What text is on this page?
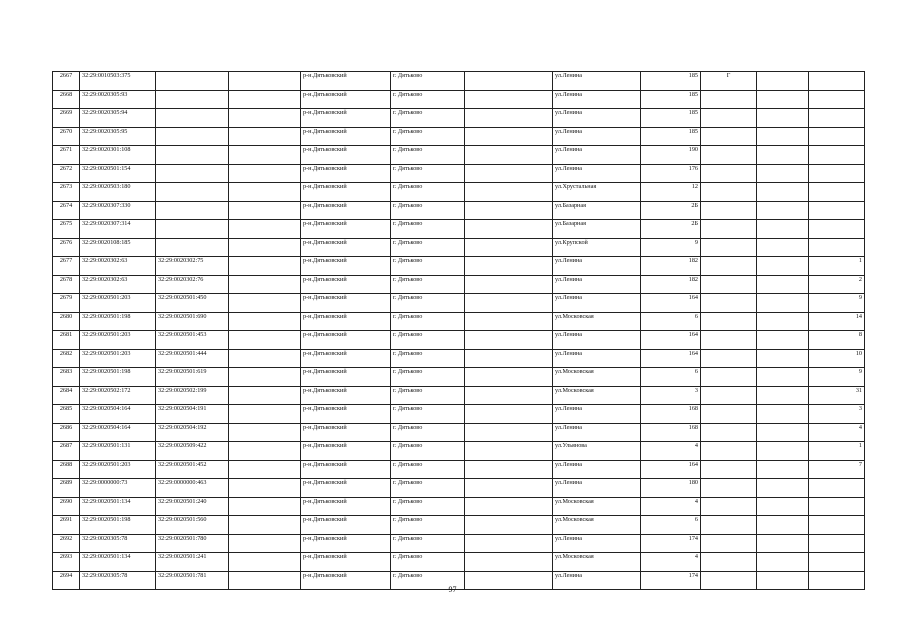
2667	32:29:0010503:375			р-н.Дятьковский	г. Дятьково		ул.Ленина	185	Г		
2668	32:29:0020305:93			р-н.Дятьковский	г. Дятьково		ул.Ленина	185			
2669	32:29:0020305:94			р-н.Дятьковский	г. Дятьково		ул.Ленина	185			
2670	32:29:0020305:95			р-н.Дятьковский	г. Дятьково		ул.Ленина	185			
2671	32:29:0020301:108			р-н.Дятьковский	г. Дятьково		ул.Ленина	190			
2672	32:29:0020501:154			р-н.Дятьковский	г. Дятьково		ул.Ленина	176			
2673	32:29:0020503:180			р-н.Дятьковский	г. Дятьково		ул.Хрустальная	12			
2674	32:29:0020307:330			р-н.Дятьковский	г. Дятьково		ул.Базарная	2Б			
2675	32:29:0020307:314			р-н.Дятьковский	г. Дятьково		ул.Базарная	2Б			
2676	32:29:0020108:185			р-н.Дятьковский	г. Дятьково		ул.Крупской	9			
2677	32:29:0020302:63	32:29:0020302:75		р-н.Дятьковский	г. Дятьково		ул.Ленина	182			1
2678	32:29:0020302:63	32:29:0020302:76		р-н.Дятьковский	г. Дятьково		ул.Ленина	182			2
2679	32:29:0020501:203	32:29:0020501:450		р-н.Дятьковский	г. Дятьково		ул.Ленина	164			9
2680	32:29:0020501:198	32:29:0020501:690		р-н.Дятьковский	г. Дятьково		ул.Московская	6			14
2681	32:29:0020501:203	32:29:0020501:453		р-н.Дятьковский	г. Дятьково		ул.Ленина	164			8
2682	32:29:0020501:203	32:29:0020501:444		р-н.Дятьковский	г. Дятьково		ул.Ленина	164			10
2683	32:29:0020501:198	32:29:0020501:619		р-н.Дятьковский	г. Дятьково		ул.Московская	6			9
2684	32:29:0020502:172	32:29:0020502:199		р-н.Дятьковский	г. Дятьково		ул.Московская	3			31
2685	32:29:0020504:164	32:29:0020504:191		р-н.Дятьковский	г. Дятьково		ул.Ленина	168			3
2686	32:29:0020504:164	32:29:0020504:192		р-н.Дятьковский	г. Дятьково		ул.Ленина	168			4
2687	32:29:0020501:131	32:29:0020509:422		р-н.Дятьковский	г. Дятьково		ул.Ульянова	4			1
2688	32:29:0020501:203	32:29:0020501:452		р-н.Дятьковский	г. Дятьково		ул.Ленина	164			7
2689	32:29:0000000:73	32:29:0000000:463		р-н.Дятьковский	г. Дятьково		ул.Ленина	180			
2690	32:29:0020501:134	32:29:0020501:240		р-н.Дятьковский	г. Дятьково		ул.Московская	4			
2691	32:29:0020501:198	32:29:0020501:560		р-н.Дятьковский	г. Дятьково		ул.Московская	6			
2692	32:29:0020305:78	32:29:0020501:780		р-н.Дятьковский	г. Дятьково		ул.Ленина	174			
2693	32:29:0020501:134	32:29:0020501:241		р-н.Дятьковский	г. Дятьково		ул.Московская	4			
2694	32:29:0020305:78	32:29:0020501:781		р-н.Дятьковский	г. Дятьково		ул.Ленина	174			
97
